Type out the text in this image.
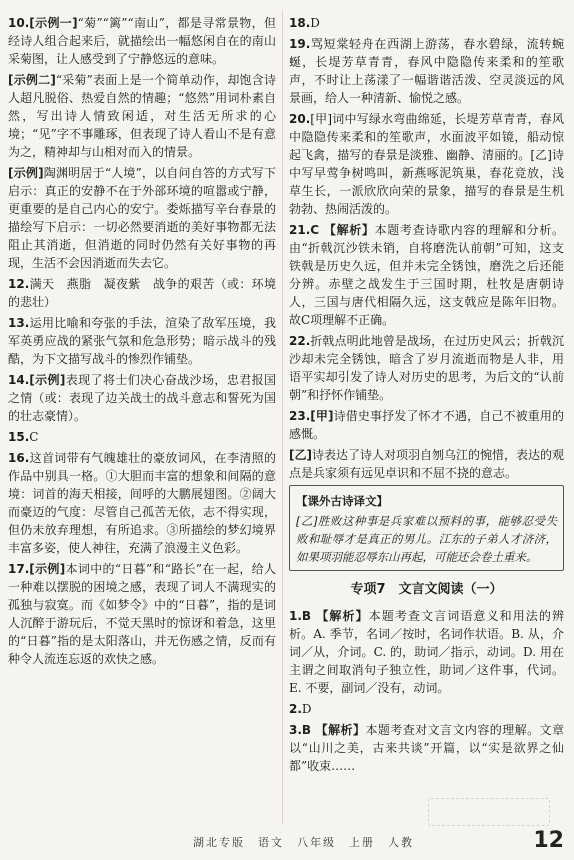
10.[示例一]“菊”“篱”“南山”，都是寻常景物，但经诗人组合起来后，就描绘出一幅悠闲自在的南山采菊图，让人感受到了宁静悠远的意味。
[示例二]“采菊”表面上是一个简单动作，却饱含诗人超凡脱俗、热爱自然的情趣；“悠然”用词朴素自然，写出诗人情致闲适，对生活无所求的心境；“见”字不事雕琢，但表现了诗人看山不是有意为之，精神却与山相对而入的情景。
[示例]陶渊明居于“人境”，以自问自答的方式写下启示：真正的安静不在于外部环境的喧嚣或宁静，更重要的是自己内心的安宁。娄烁描写辛台春景的描绘写下启示：一切必然要消逝的美好事物都无法阻止其消逝，但消逝的同时仍然有关好事物的再现，生活不会因消逝而失去它。
12.满天　燕脂　凝夜紫　战争的艰苦（或：环境的悲壮）
13.运用比喻和夸张的手法，渲染了敌军压境，我军英勇应战的紧张气氛和危急形势；暗示战斗的残酷，为下文描写战斗的惨烈作铺垫。
14.[示例]表现了将士们决心奋战沙场，忠君报国之情（或：表现了边关战士的战斗意志和誓死为国的壮志豪情）。
15.C
16.这首词带有气魄雄壮的豪放词风，在李清照的作品中别具一格。①大胆而丰富的想象和间隔的意境：词首的海天相接，间呼的大鹏展翅图。②阔大而豪迈的气度：尽管自己孤苦无依，志不得实现，但仍未放弃理想，有所追求。③所描绘的梦幻境界丰富多姿，使人神往，充满了浪漫主义色彩。
17.[示例]本词中的“日暮”和“路长”在一起，给人一种难以摆脱的困境之感，表现了词人不满现实的孤独与寂寞。而《如梦令》中的“日暮”，指的是词人沉醉于游玩后，不觉天黑时的惊讶和着急，这里的“日暮”指的是太阳落山，并无伤感之情，反而有种令人流连忘返的欢快之感。
18.D
19.骂短棠轻舟在西湖上游荡，春水碧绿，流转蜿蜒，长堤芳草青青，春风中隐隐传来柔和的笙歌声，不时让上荡漾了一幅谐谐活泼、空灵淡远的风景画，给人一种清新、愉悦之感。
20.[甲]词中写绿水弯曲绵延，长堤芳草青青，春风中隐隐传来柔和的笙歌声，水面波平如镜，船动惊起飞禽，描写的春景是淡雅、幽静、清丽的。[乙]诗中写早莺争树鸣叫，新燕啄泥筑巢，春花竞放，浅草生长，一派欣欣向荣的景象，描写的春景是生机勃勃、热闹活泼的。
21.C 【解析】本题考查诗歌内容的理解和分析。由“折戟沉沙铁未销，自将磨洗认前朝”可知，这支铁戟是历史久远，但并未完全锈蚀，磨洗之后还能分辨。赤壁之战发生于三国时期，杜牧是唐朝诗人，三国与唐代相隔久远，这支戟应是陈年旧物。故C项理解不正确。
22.折戟点明此地曾是战场，在过历史风云；折戟沉沙却未完全锈蚀，暗含了岁月流逝而物是人非，用语平实却引发了诗人对历史的思考，为后文的“认前朝”和抒怀作铺垫。
23.[甲]诗借史事抒发了怀才不遇，自己不被重用的感慨。
[乙]诗表达了诗人对项羽自刎乌江的惋惜，表达的观点是兵家须有远见卓识和不屈不挠的意志。
【课外古诗译文】
[乙]胜败这种事是兵家难以预料的事，能够忍受失败和耻辱才是真正的男儿。江东的子弟人才济济，如果项羽能忍辱东山再起，可能还会卷土重来。
专项7　文言文阅读（一）
1.B 【解析】本题考查文言词语意义和用法的辨析。A. 季节，名词／按时，名词作状语。B. 从，介词／从，介词。C. 的，助词／指示，动词。D. 用在主谓之间取消句子独立性，助词／这件事，代词。E. 不要，副词／没有，动词。
2.D
3.B 【解析】本题考查对文言文内容的理解。文章以“山川之美，古来共谈”开篇，以“实是欲界之仙都”收束……
湖北专版　语文　八年级　上册　人教	12
